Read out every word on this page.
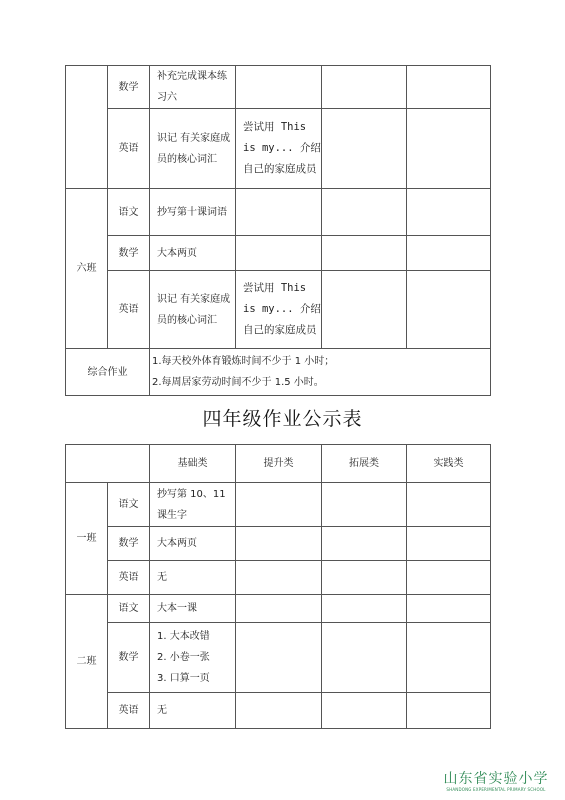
	数学	补充完成课本练习六			
	英语	识记 有关家庭成员的核心词汇	尝试用 This is my... 介绍自己的家庭成员		
六班	语文	抄写第十课词语			
	数学	大本两页			
	英语	识记 有关家庭成员的核心词汇	尝试用 This is my... 介绍自己的家庭成员		
综合作业		1.每天校外体育锻炼时间不少于 1 小时；
2.每周居家劳动时间不少于 1.5 小时。			
四年级作业公示表
		基础类	提升类	拓展类	实践类
一班	语文	抄写第 10、11 课生字			
	数学	大本两页			
	英语	无			
二班	语文	大本一课			
	数学	1. 大本改错
2. 小卷一张
3. 口算一页			

	英语	无			
山东省实验小学
SHANDONG EXPERIMENTAL PRIMARY SCHOOL
